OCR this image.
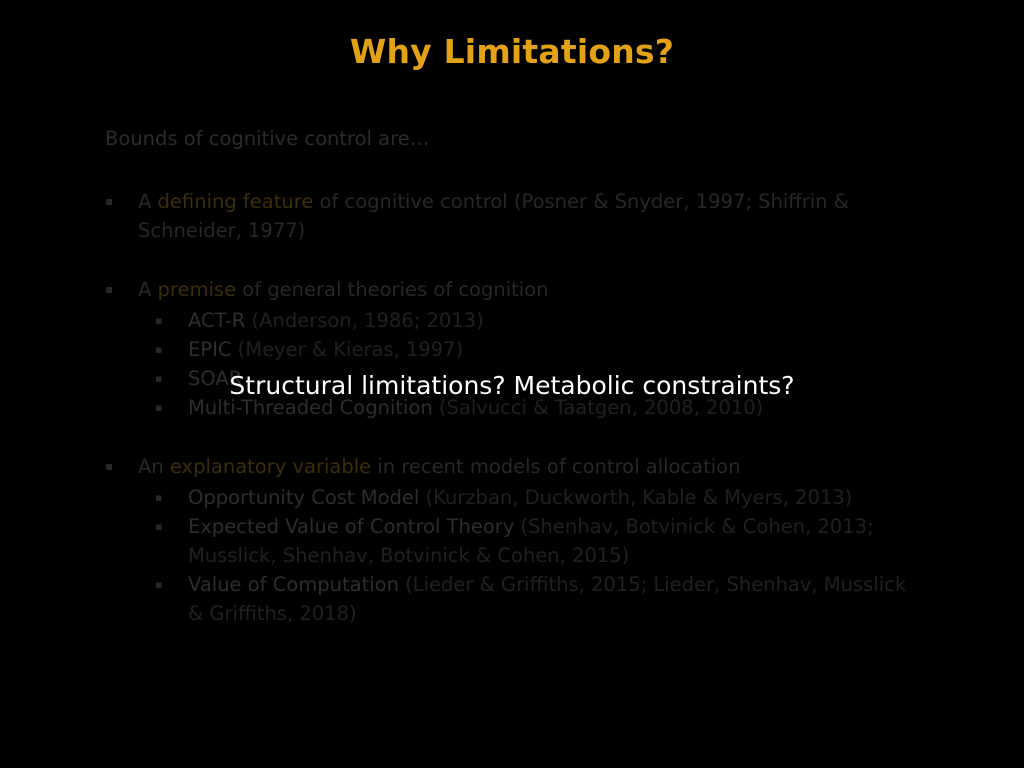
Why Limitations?
Bounds of cognitive control are…
▪ A defining feature of cognitive control (Posner & Snyder, 1997; Shiffrin & Schneider, 1977)
▪ A premise of general theories of cognition
▪ ACT-R (Anderson, 1986; 2013)
▪ EPIC (Meyer & Kieras, 1997)
▪ SOAR
▪ Multi-Threaded Cognition (Salvucci & Taatgen, 2008, 2010)
▪ An explanatory variable in recent models of control allocation
▪ Opportunity Cost Model (Kurzban, Duckworth, Kable & Myers, 2013)
▪ Expected Value of Control Theory (Shenhav, Botvinick & Cohen, 2013; Musslick, Shenhav, Botvinick & Cohen, 2015)
▪ Value of Computation (Lieder & Griffiths, 2015; Lieder, Shenhav, Musslick & Griffiths, 2018)
Structural limitations? Metabolic constraints?
